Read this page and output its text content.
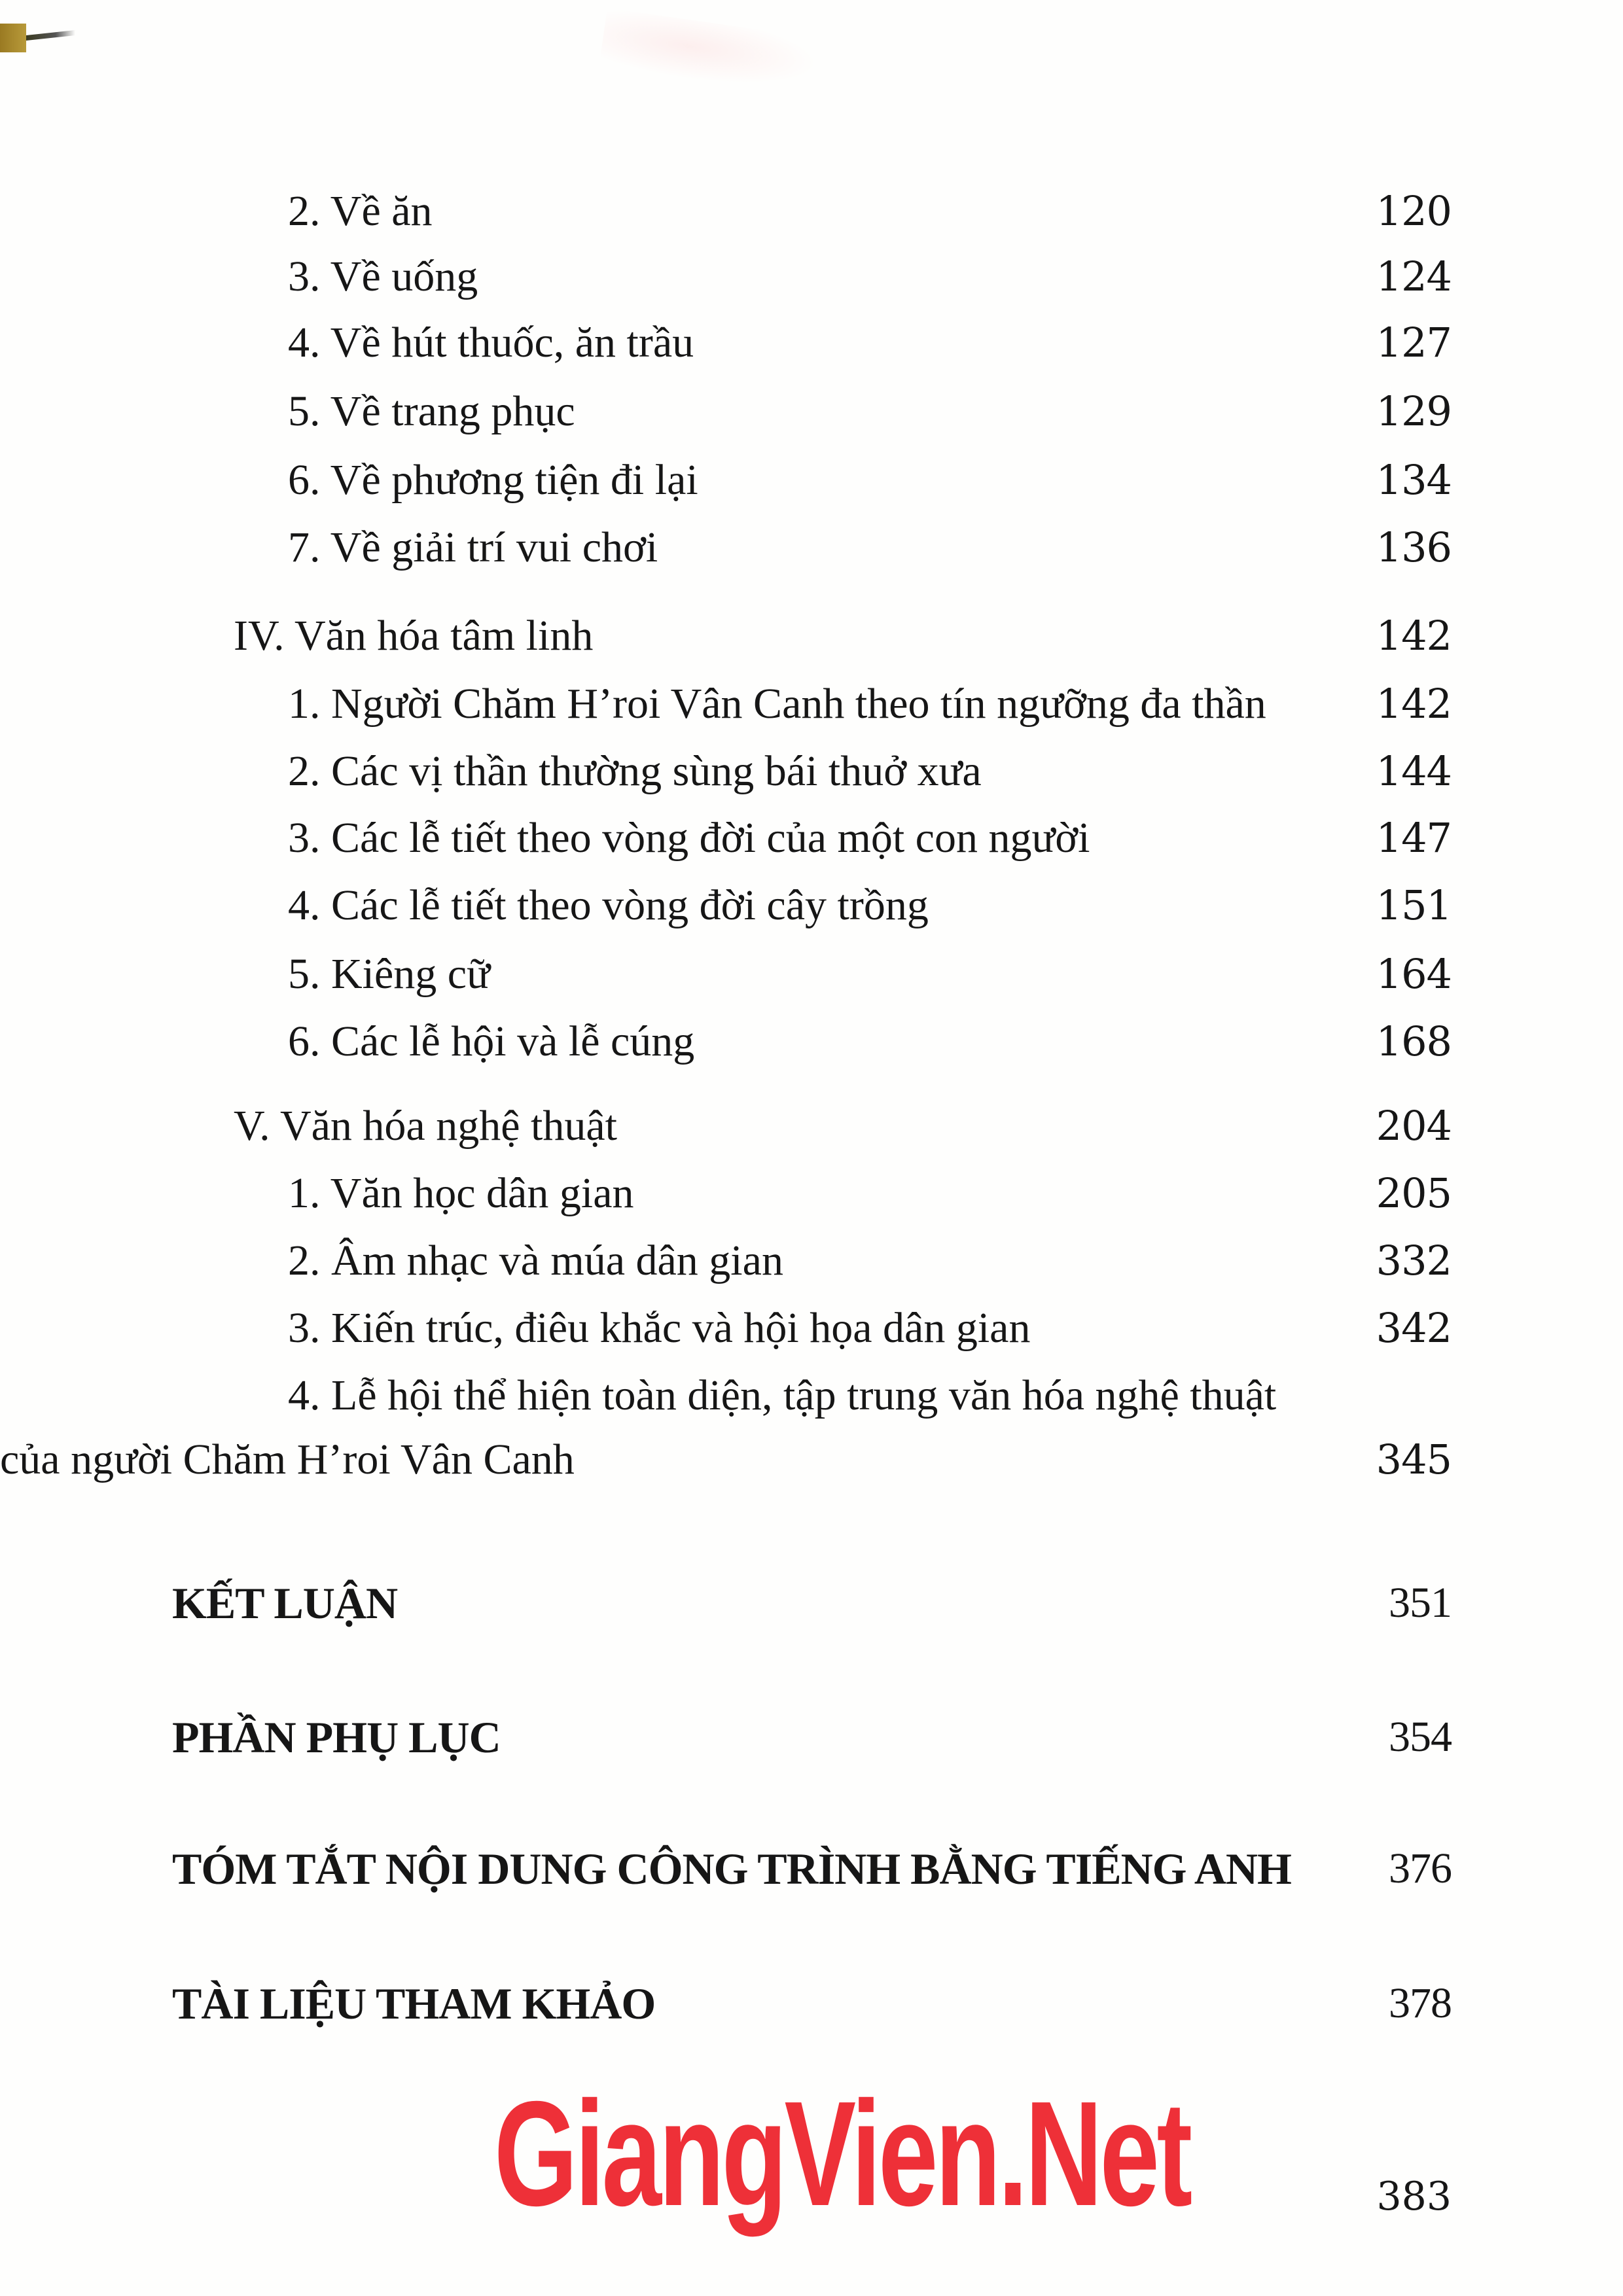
2. Về ăn	120
3. Về uống	124
4. Về hút thuốc, ăn trầu	127
5. Về trang phục	129
6. Về phương tiện đi lại	134
7. Về giải trí vui chơi	136
IV. Văn hóa tâm linh	142
1. Người Chăm H’roi Vân Canh theo tín ngưỡng đa thần	142
2. Các vị thần thường sùng bái thuở xưa	144
3. Các lễ tiết theo vòng đời của một con người	147
4. Các lễ tiết theo vòng đời cây trồng	151
5. Kiêng cữ	164
6. Các lễ hội và lễ cúng	168
V. Văn hóa nghệ thuật	204
1. Văn học dân gian	205
2. Âm nhạc và múa dân gian	332
3. Kiến trúc, điêu khắc và hội họa dân gian	342
4. Lễ hội thể hiện toàn diện, tập trung văn hóa nghệ thuật
của người Chăm H’roi Vân Canh	345
KẾT LUẬN	351
PHẦN PHỤ LỤC	354
TÓM TẮT NỘI DUNG CÔNG TRÌNH BẰNG TIẾNG ANH 376
TÀI LIỆU THAM KHẢO	378
GiangVien.Net	383
